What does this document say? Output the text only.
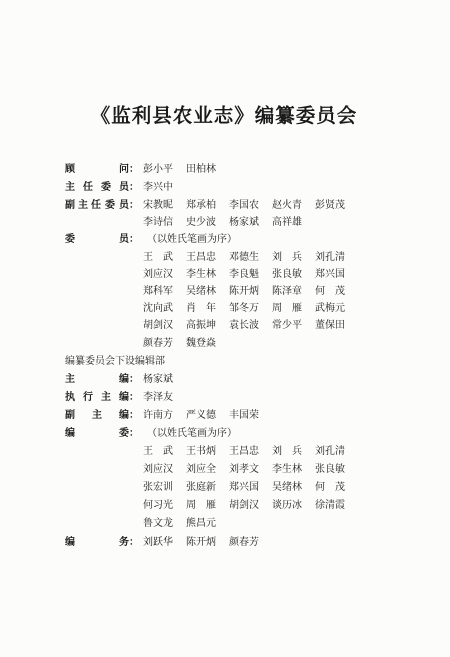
《监利县农业志》编纂委员会
顾	问： 彭小平 田柏林
主 任 委 员： 李兴中
副 主 任 委 员： 宋教昵 郑承柏 李国农 赵火青 彭贤茂
李诗信 史少波 杨家斌 高祥雄
委	员： （以姓氏笔画为序）
王　武 王昌忠 邓德生 刘　兵 刘孔清
刘应汉 李生林 李良魁 张良敏 郑兴国
郑科军 吴绪林 陈开炳 陈泽章 何　茂
沈向武 肖　年 邹冬万 周　雁 武梅元
胡剑汉 高振坤 袁长波 常少平 董保田
颜春芳 魏登焱
编纂委员会下设编辑部
主	编： 杨家斌
执 行 主 编： 李泽友
副 主 编： 许南方 严义德 丰国荣
编	委： （以姓氏笔画为序）
王　武 王书炳 王昌忠 刘　兵 刘孔清
刘应汉 刘应全 刘孝文 李生林 张良敏
张宏训 张庭新 郑兴国 吴绪林 何　茂
何习光 周　雁 胡剑汉 谈历冰 徐清霞
鲁文龙 熊昌元
编	务： 刘跃华 陈开炳 颜春芳
